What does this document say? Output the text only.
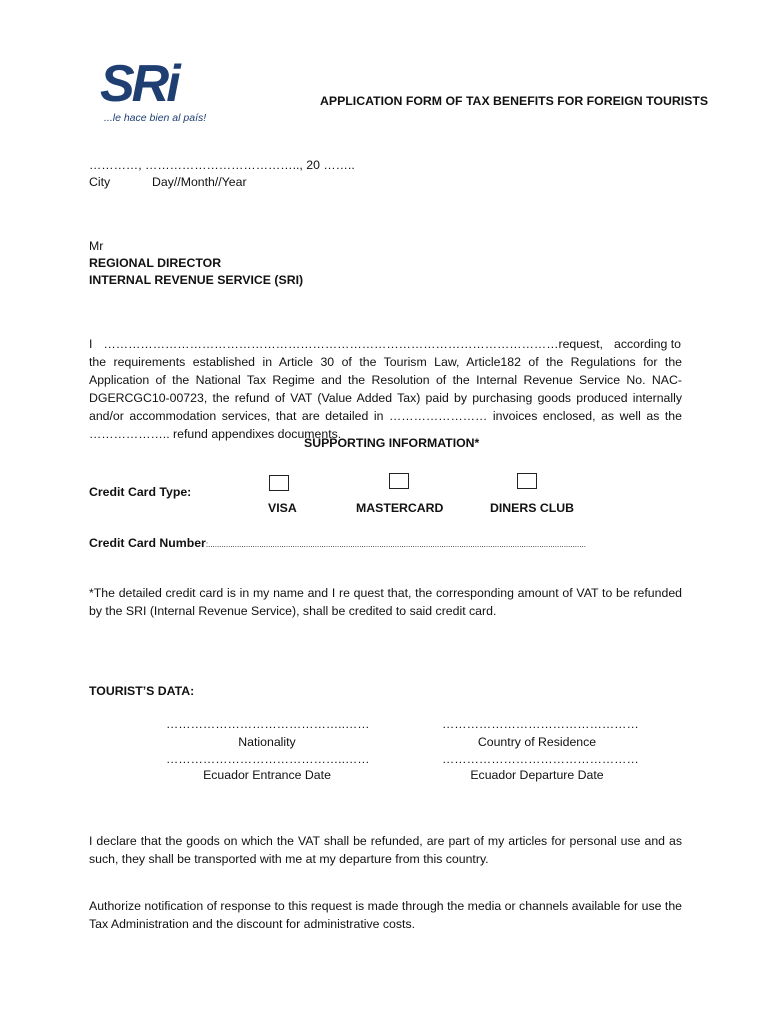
SRi
...le hace bien al país!
APPLICATION FORM OF TAX BENEFITS FOR FOREIGN TOURISTS
…………, ……………………………….., 20 ……..
City	Day//Month//Year
Mr
REGIONAL DIRECTOR
INTERNAL REVENUE SERVICE (SRI)
I …………………………………………………………………………………………………request, according to
the requirements established in Article 30 of the Tourism Law, Article182 of the Regulations for the Application of the National Tax Regime and the Resolution of the Internal Revenue Service No. NAC-DGERCGC10-00723, the refund of VAT (Value Added Tax) paid by purchasing goods produced internally and/or accommodation services, that are detailed in …………………… invoices enclosed, as well as the ……………….. refund appendixes documents.
SUPPORTING INFORMATION*
Credit Card Type:
VISA	MASTERCARD	DINERS CLUB
Credit Card Number:..........................................................................................................................................................................
*The detailed credit card is in my name and I re quest that, the corresponding amount of VAT to be refunded by the SRI (Internal Revenue Service), shall be credited to said credit card.
TOURIST’S DATA:
……………………………………..……	…………………………………………
Nationality	Country of Residence
……………………………………..……	…………………………………………
Ecuador Entrance Date	Ecuador Departure Date
I declare that the goods on which the VAT shall be refunded, are part of my articles for personal use and as such, they shall be transported with me at my departure from this country.
Authorize notification of response to this request is made through the media or channels available for use the Tax Administration and the discount for administrative costs.
